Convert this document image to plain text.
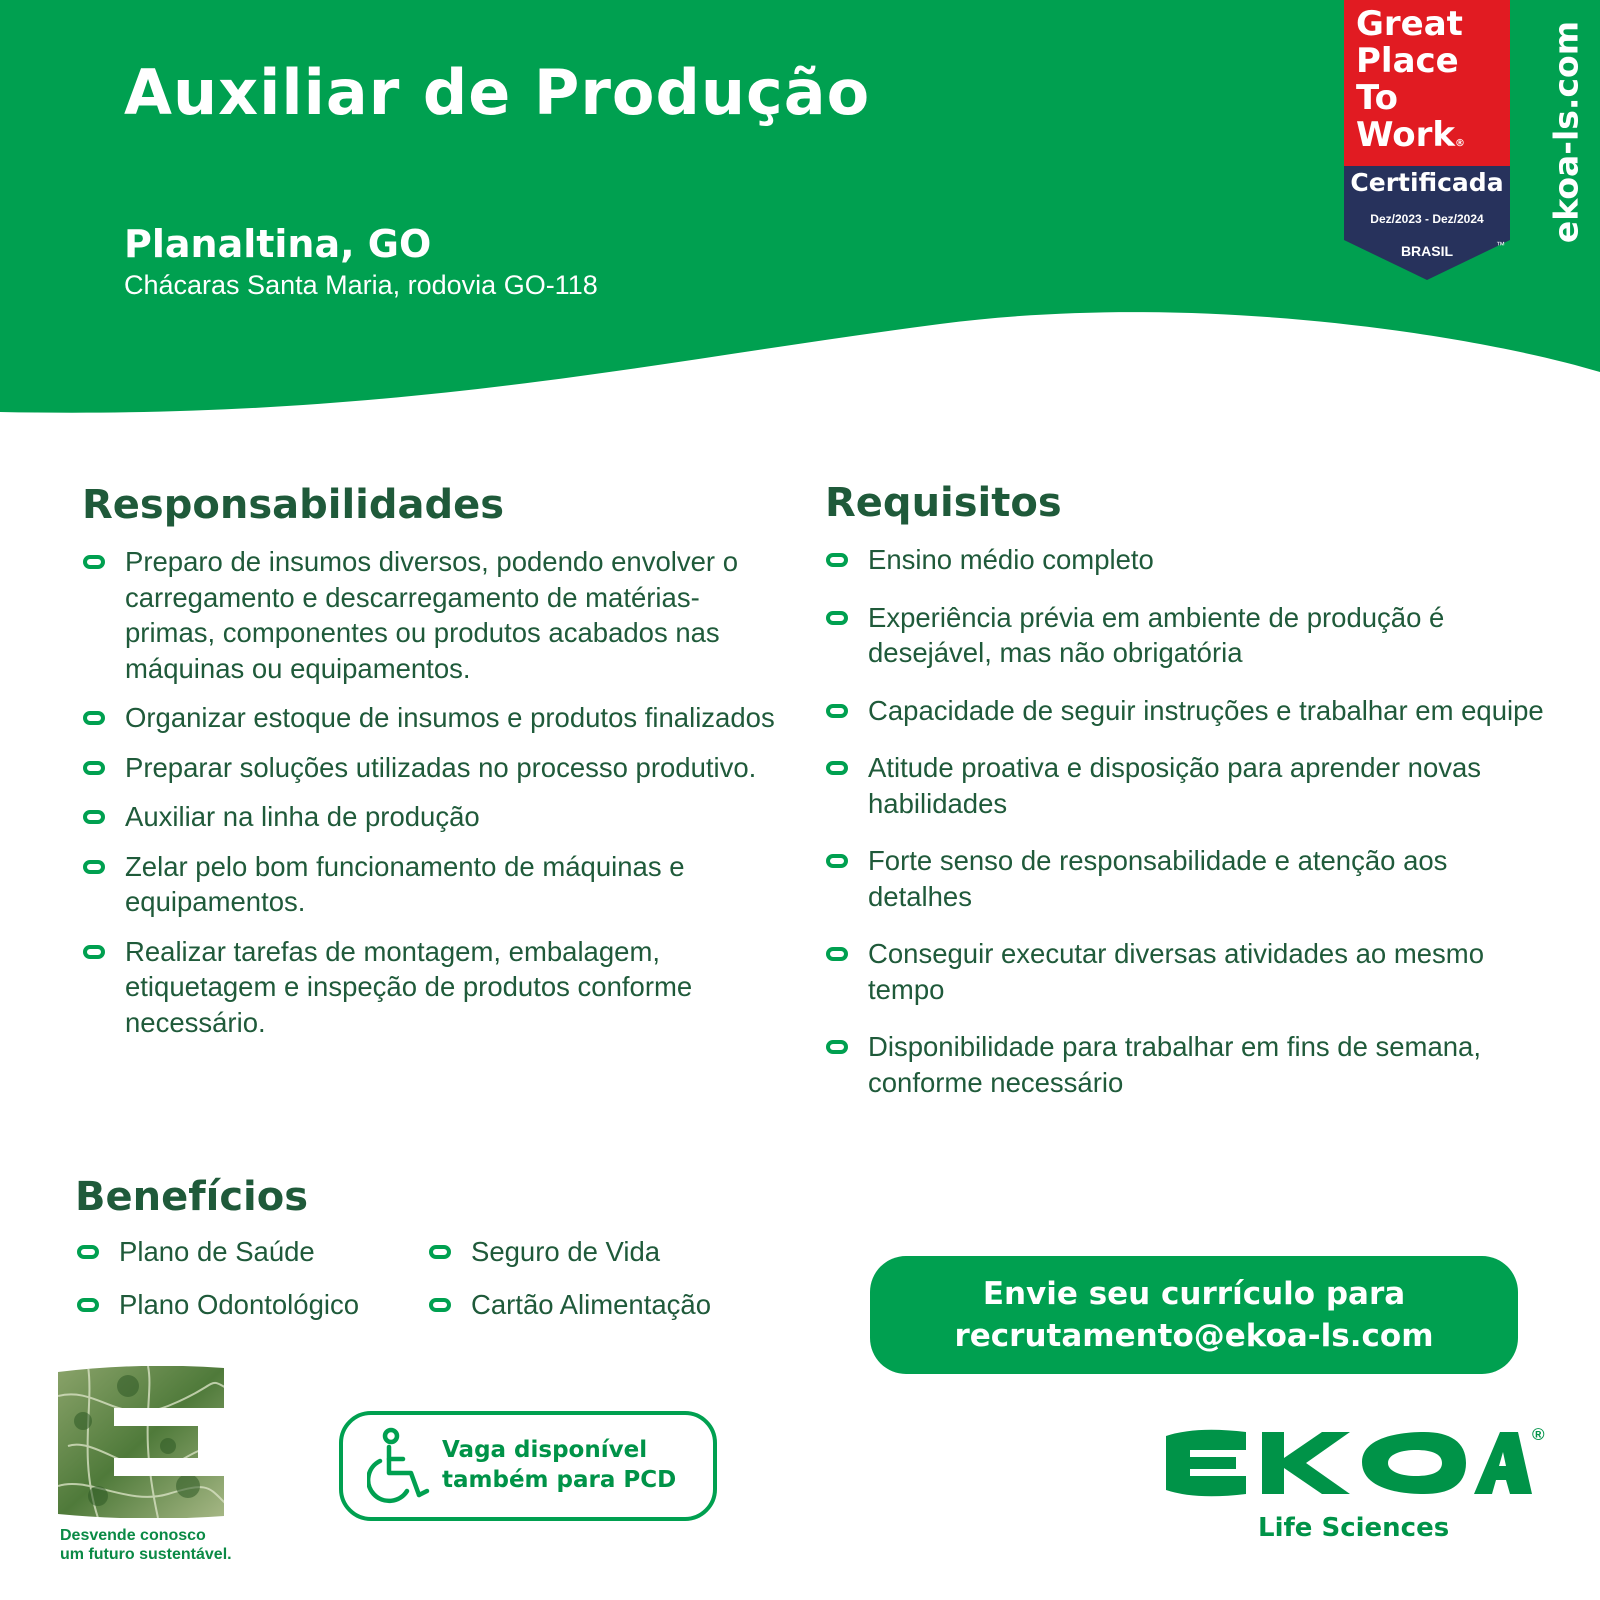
Auxiliar de Produção
Planaltina, GO
Chácaras Santa Maria, rodovia GO-118
Great
Place
To
Work®
Certificada
Dez/2023 - Dez/2024
BRASIL	™
ekoa-ls.com
Responsabilidades
Preparo de insumos diversos, podendo envolver o carregamento e descarregamento de matérias-primas, componentes ou produtos acabados nas máquinas ou equipamentos.
Organizar estoque de insumos e produtos finalizados
Preparar soluções utilizadas no processo produtivo.
Auxiliar na linha de produção
Zelar pelo bom funcionamento de máquinas e equipamentos.
Realizar tarefas de montagem, embalagem, etiquetagem e inspeção de produtos conforme necessário.
Requisitos
Ensino médio completo
Experiência prévia em ambiente de produção é desejável, mas não obrigatória
Capacidade de seguir instruções e trabalhar em equipe
Atitude proativa e disposição para aprender novas habilidades
Forte senso de responsabilidade e atenção aos detalhes
Conseguir executar diversas atividades ao mesmo tempo
Disponibilidade para trabalhar em fins de semana, conforme necessário
Benefícios
Plano de Saúde
Plano Odontológico
Seguro de Vida
Cartão Alimentação	Envie seu currículo para
recrutamento@ekoa-ls.com
Vaga disponível
também para PCD
Desvende conosco
um futuro sustentável.
®
Life Sciences
